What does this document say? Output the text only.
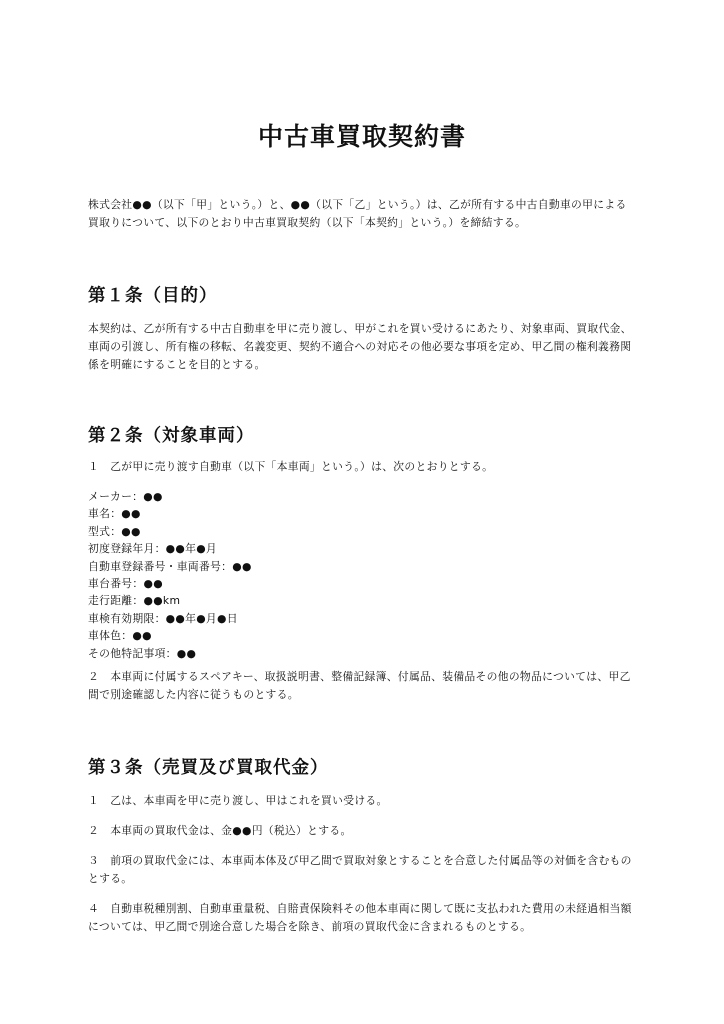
中古車買取契約書

株式会社●●（以下「甲」という。）と、●●（以下「乙」という。）は、乙が所有する中古自動車の甲による買取りについて、以下のとおり中古車買取契約（以下「本契約」という。）を締結する。

第１条（目的）

本契約は、乙が所有する中古自動車を甲に売り渡し、甲がこれを買い受けるにあたり、対象車両、買取代金、車両の引渡し、所有権の移転、名義変更、契約不適合への対応その他必要な事項を定め、甲乙間の権利義務関係を明確にすることを目的とする。

第２条（対象車両）

１　乙が甲に売り渡す自動車（以下「本車両」という。）は、次のとおりとする。

メーカー：●●
車名：●●
型式：●●
初度登録年月：●●年●月
自動車登録番号・車両番号：●●
車台番号：●●
走行距離：●●km
車検有効期限：●●年●月●日
車体色：●●
その他特記事項：●●

２　本車両に付属するスペアキー、取扱説明書、整備記録簿、付属品、装備品その他の物品については、甲乙間で別途確認した内容に従うものとする。

第３条（売買及び買取代金）

１　乙は、本車両を甲に売り渡し、甲はこれを買い受ける。

２　本車両の買取代金は、金●●円（税込）とする。

３　前項の買取代金には、本車両本体及び甲乙間で買取対象とすることを合意した付属品等の対価を含むものとする。

４　自動車税種別割、自動車重量税、自賠責保険料その他本車両に関して既に支払われた費用の未経過相当額については、甲乙間で別途合意した場合を除き、前項の買取代金に含まれるものとする。
